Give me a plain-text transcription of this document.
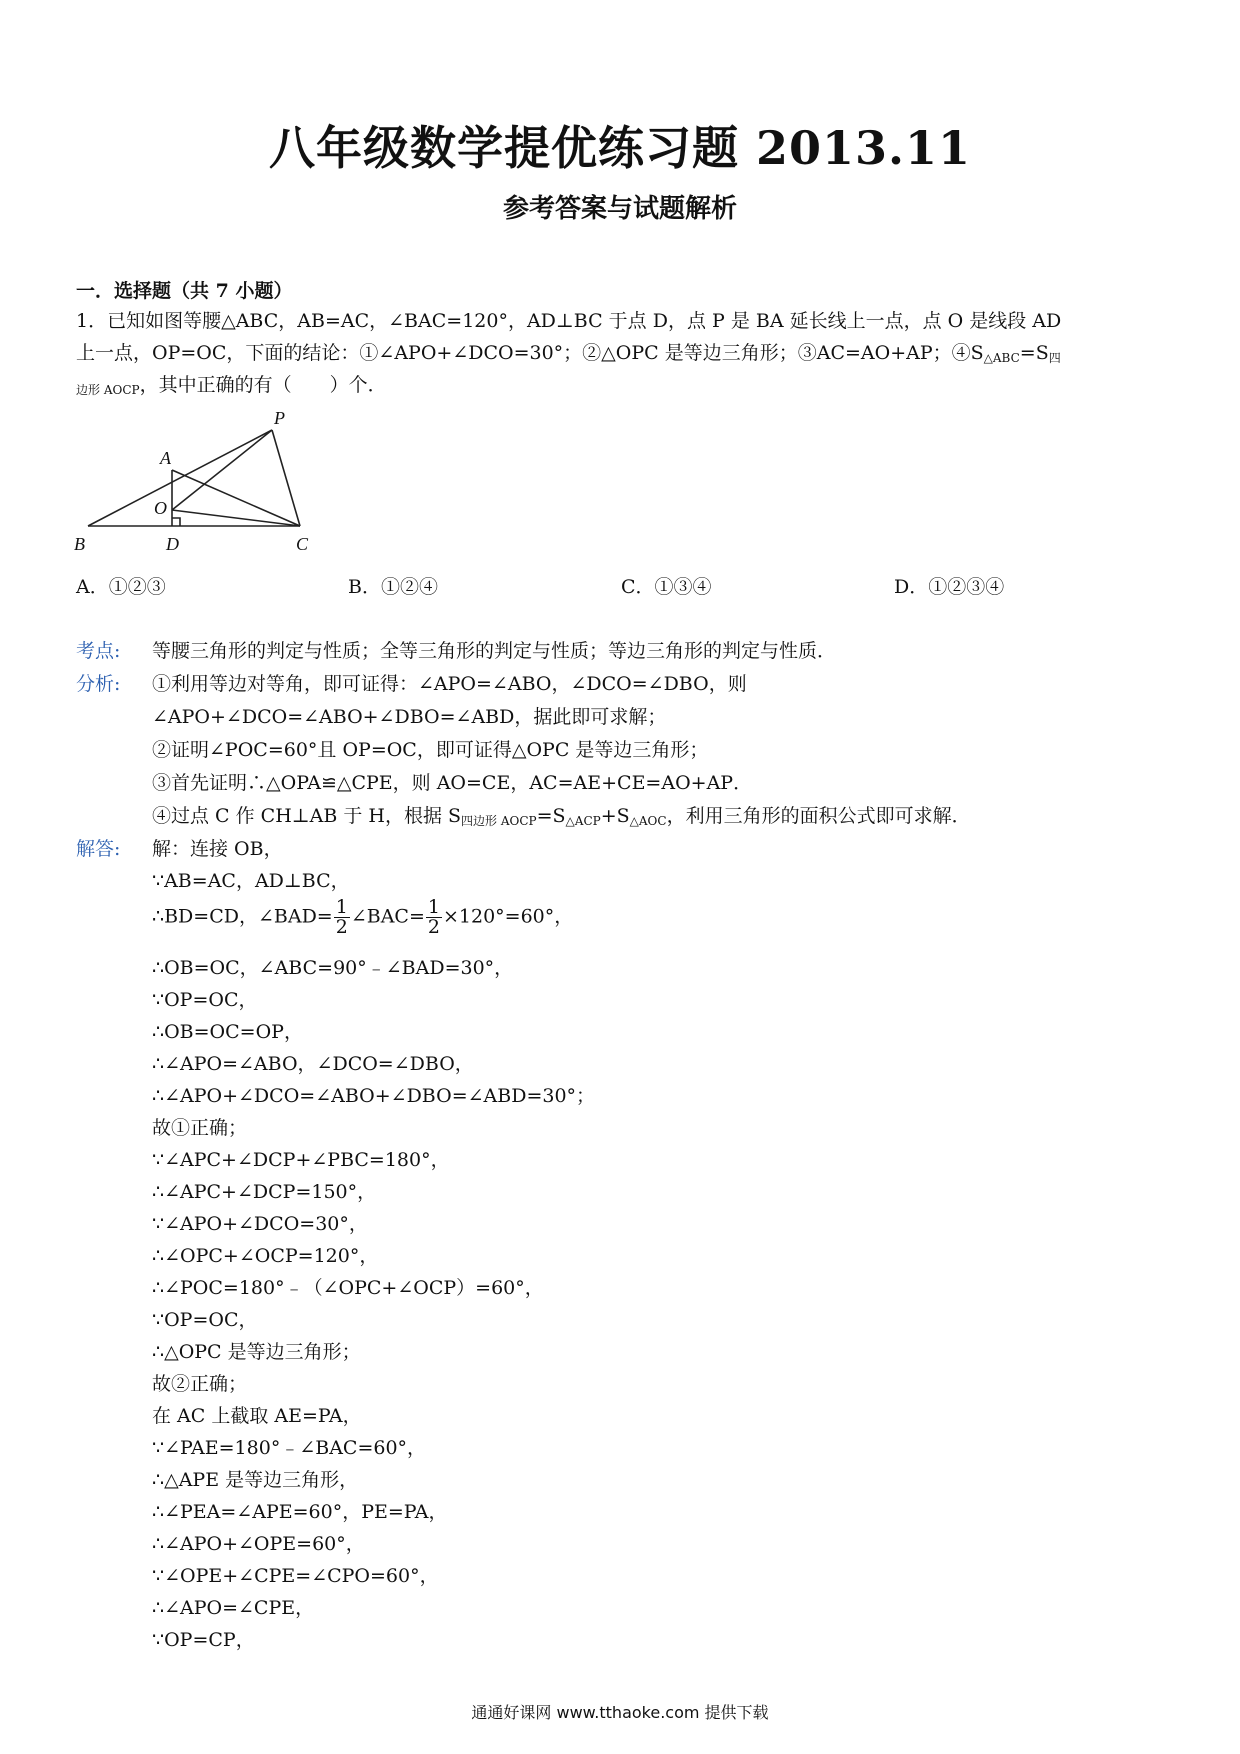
八年级数学提优练习题 2013.11
参考答案与试题解析
一．选择题（共 7 小题）
1．已知如图等腰△ABC，AB=AC，∠BAC=120°，AD⊥BC 于点 D，点 P 是 BA 延长线上一点，点 O 是线段 AD
上一点，OP=OC，下面的结论：①∠APO+∠DCO=30°；②△OPC 是等边三角形；③AC=AO+AP；$④S_{\triangle ABC}=S_四$
$_{边形 AOCP}$，其中正确的有（　　）个．
P
A
O
B	D	C
A．①②③	B．①②④	C．①③④	D．①②③④
考点: 等腰三角形的判定与性质；全等三角形的判定与性质；等边三角形的判定与性质．
分析: ①利用等边对等角，即可证得：∠APO=∠ABO，∠DCO=∠DBO，则
∠APO+∠DCO=∠ABO+∠DBO=∠ABD，据此即可求解；
②证明∠POC=60°且 OP=OC，即可证得△OPC 是等边三角形；
③首先证明∴△OPA≌△CPE，则 AO=CE，AC=AE+CE=AO+AP．
④过点 C 作 CH⊥AB 于 H，根据 $S_{四边形 AOCP}=S_{\triangle ACP}+S_{\triangle AOC}$，利用三角形的面积公式即可求解．
解答: 解：连接 OB，
∵AB=AC，AD⊥BC，
∴BD=CD，∠BAD= $\frac{1}{2}$ ∠BAC= $\frac{1}{2} \times 120^\circ=60^\circ$，
∴OB=OC，∠ABC=90°﹣∠BAD=30°，
∵OP=OC，
∴OB=OC=OP，
∴∠APO=∠ABO，∠DCO=∠DBO，
∴∠APO+∠DCO=∠ABO+∠DBO=∠ABD=30°；
故①正确；
∵∠APC+∠DCP+∠PBC=180°，
∴∠APC+∠DCP=150°，
∵∠APO+∠DCO=30°，
∴∠OPC+∠OCP=120°，
∴∠POC=180°﹣（∠OPC+∠OCP）=60°，
∵OP=OC，
∴△OPC 是等边三角形；
故②正确；
在 AC 上截取 AE=PA，
∵∠PAE=180°﹣∠BAC=60°，
∴△APE 是等边三角形，
∴∠PEA=∠APE=60°，PE=PA，
∴∠APO+∠OPE=60°，
∵∠OPE+∠CPE=∠CPO=60°，
∴∠APO=∠CPE，
∵OP=CP，
通通好课网 www.tthaoke.com 提供下载
